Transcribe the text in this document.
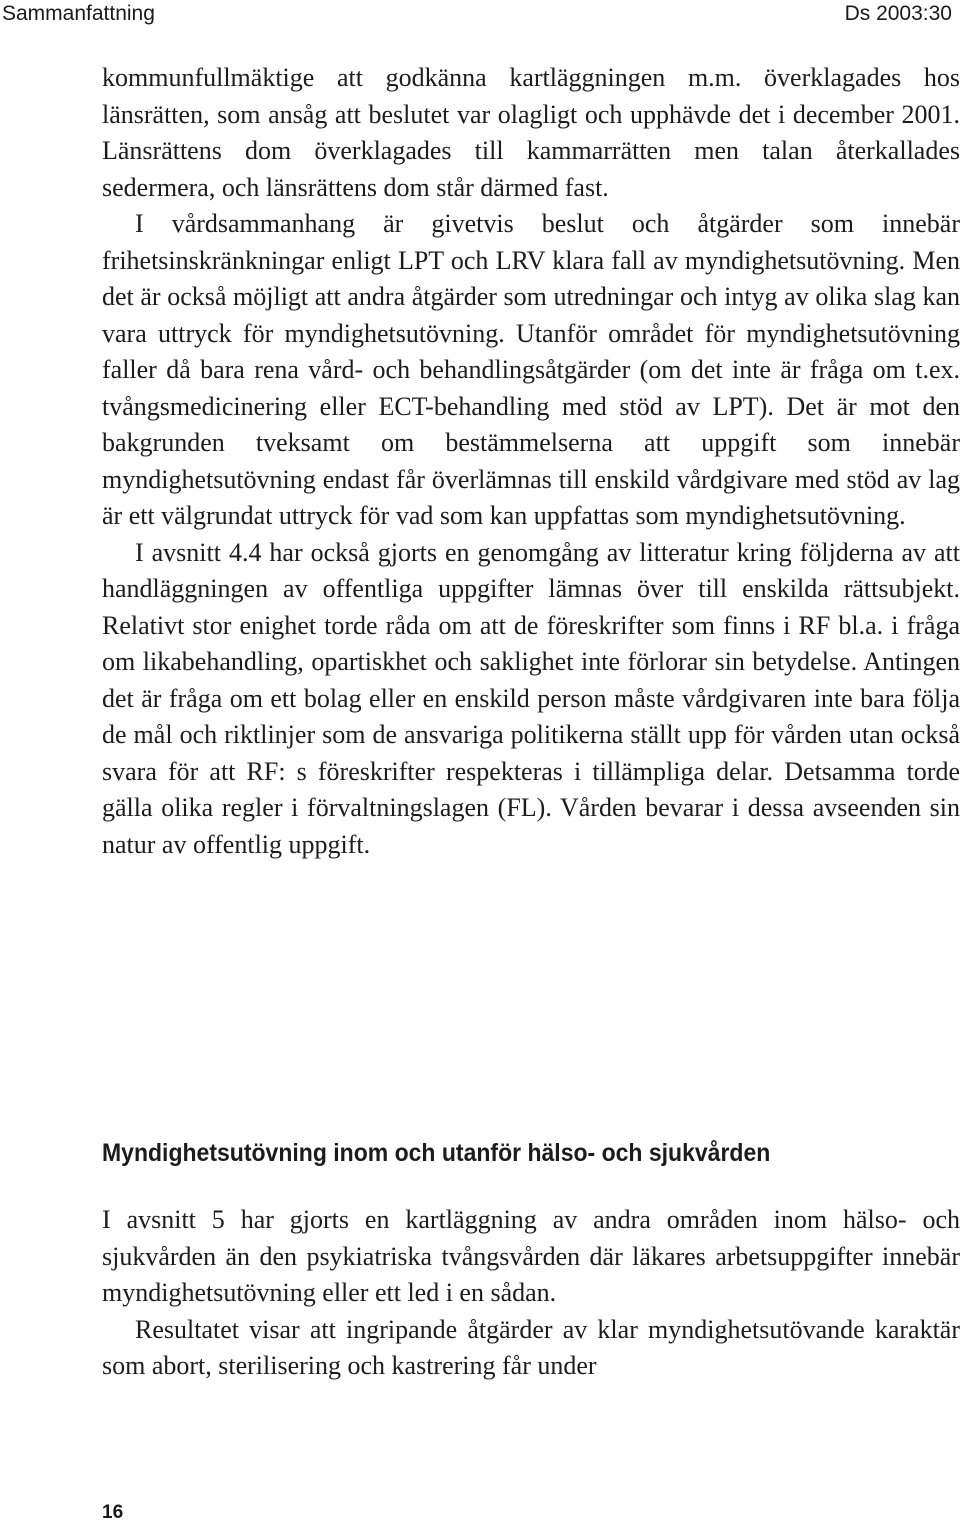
Sammanfattning	Ds 2003:30

kommunfullmäktige att godkänna kartläggningen m.m. överklagades hos länsrätten, som ansåg att beslutet var olagligt och upphävde det i december 2001. Länsrättens dom överklagades till kammarrätten men talan återkallades sedermera, och länsrättens dom står därmed fast.

I vårdsammanhang är givetvis beslut och åtgärder som innebär frihetsinskränkningar enligt LPT och LRV klara fall av myndighetsutövning. Men det är också möjligt att andra åtgärder som utredningar och intyg av olika slag kan vara uttryck för myndighetsutövning. Utanför området för myndighetsutövning faller då bara rena vård- och behandlingsåtgärder (om det inte är fråga om t.ex. tvångsmedicinering eller ECT-behandling med stöd av LPT). Det är mot den bakgrunden tveksamt om bestämmelserna att uppgift som innebär myndighetsutövning endast får överlämnas till enskild vårdgivare med stöd av lag är ett välgrundat uttryck för vad som kan uppfattas som myndighetsutövning.

I avsnitt 4.4 har också gjorts en genomgång av litteratur kring följderna av att handläggningen av offentliga uppgifter lämnas över till enskilda rättsubjekt. Relativt stor enighet torde råda om att de föreskrifter som finns i RF bl.a. i fråga om likabehandling, opartiskhet och saklighet inte förlorar sin betydelse. Antingen det är fråga om ett bolag eller en enskild person måste vårdgivaren inte bara följa de mål och riktlinjer som de ansvariga politikerna ställt upp för vården utan också svara för att RF: s föreskrifter respekteras i tillämpliga delar. Detsamma torde gälla olika regler i förvaltningslagen (FL). Vården bevarar i dessa avseenden sin natur av offentlig uppgift.

Myndighetsutövning inom och utanför hälso- och sjukvården

I avsnitt 5 har gjorts en kartläggning av andra områden inom hälso- och sjukvården än den psykiatriska tvångsvården där läkares arbetsuppgifter innebär myndighetsutövning eller ett led i en sådan.

Resultatet visar att ingripande åtgärder av klar myndighetsutövande karaktär som abort, sterilisering och kastrering får under

16
